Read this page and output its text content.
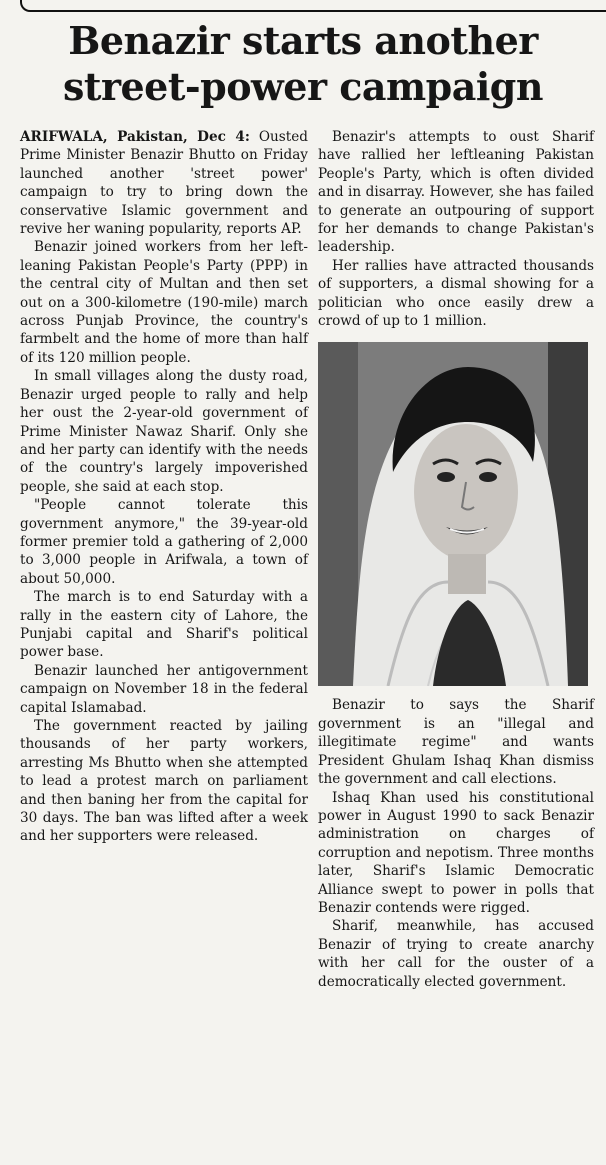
Benazir starts another street-power campaign

ARIFWALA, Pakistan, Dec 4: Ousted Prime Minister Benazir Bhutto on Friday launched another 'street power' campaign to try to bring down the conservative Islamic government and revive her waning popularity, reports AP.

Benazir joined workers from her left-leaning Pakistan People's Party (PPP) in the central city of Multan and then set out on a 300-kilometre (190-mile) march across Punjab Province, the country's farmbelt and the home of more than half of its 120 million people.

In small villages along the dusty road, Benazir urged people to rally and help her oust the 2-year-old government of Prime Minister Nawaz Sharif. Only she and her party can identify with the needs of the country's largely impoverished people, she said at each stop.

"People cannot tolerate this government anymore," the 39-year-old former premier told a gathering of 2,000 to 3,000 people in Arifwala, a town of about 50,000.

The march is to end Saturday with a rally in the eastern city of Lahore, the Punjabi capital and Sharif's political power base.

Benazir launched her antigovernment campaign on November 18 in the federal capital Islamabad.

The government reacted by jailing thousands of her party workers, arresting Ms Bhutto when she attempted to lead a protest march on parliament and then baning her from the capital for 30 days. The ban was lifted after a week and her supporters were released.

Benazir's attempts to oust Sharif have rallied her leftleaning Pakistan People's Party, which is often divided and in disarray. However, she has failed to generate an outpouring of support for her demands to change Pakistan's leadership.

Her rallies have attracted thousands of supporters, a dismal showing for a politician who once easily drew a crowd of up to 1 million.

Benazir to says the Sharif government is an "illegal and illegitimate regime" and wants President Ghulam Ishaq Khan dismiss the government and call elections.

Ishaq Khan used his constitutional power in August 1990 to sack Benazir administration on charges of corruption and nepotism. Three months later, Sharif's Islamic Democratic Alliance swept to power in polls that Benazir contends were rigged.

Sharif, meanwhile, has accused Benazir of trying to create anarchy with her call for the ouster of a democratically elected government.
